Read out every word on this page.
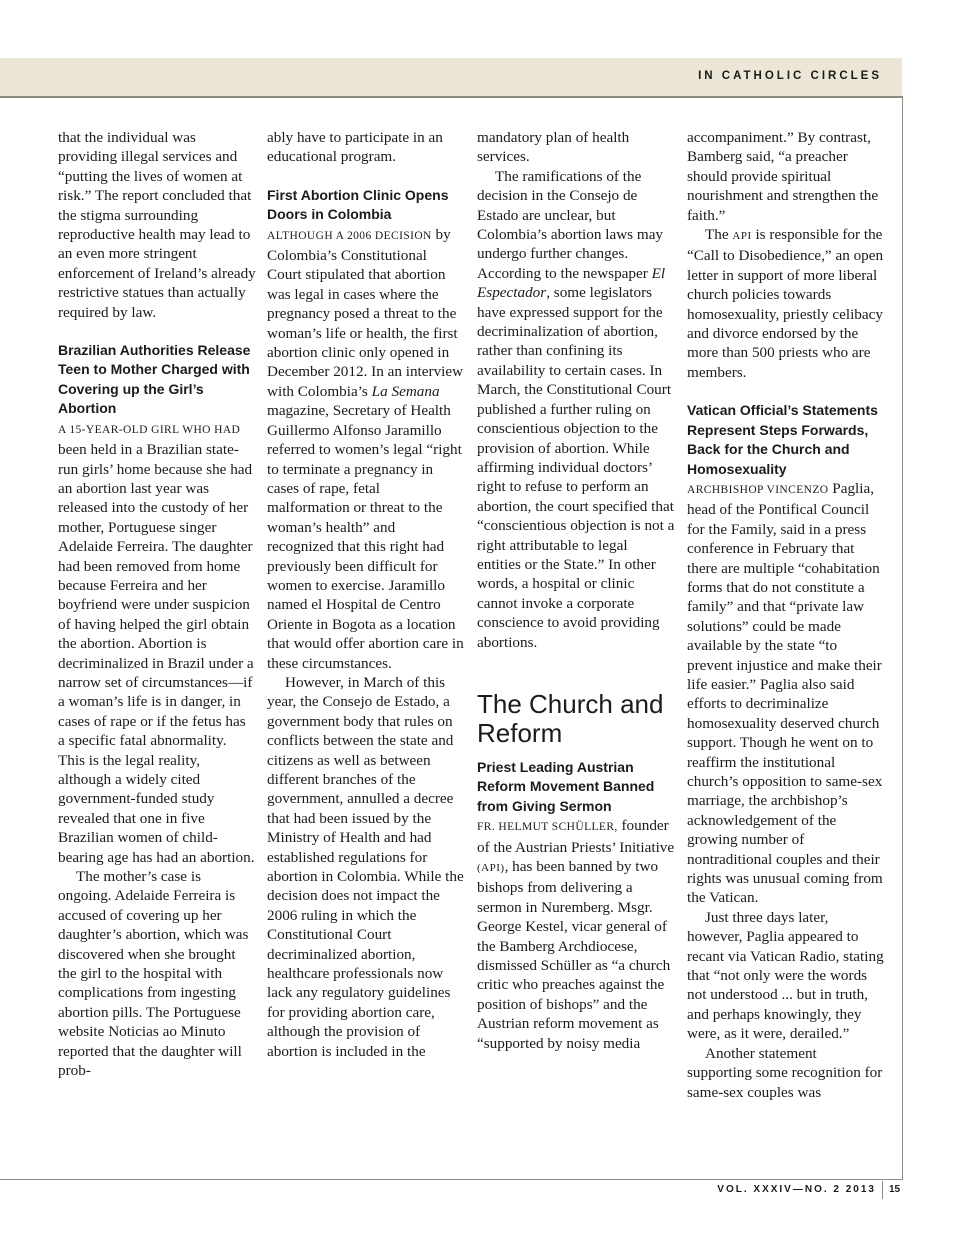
IN CATHOLIC CIRCLES

that the individual was providing illegal services and “putting the lives of women at risk.” The report concluded that the stigma surrounding reproductive health may lead to an even more stringent enforcement of Ireland’s already restrictive statues than actually required by law.

Brazilian Authorities Release Teen to Mother Charged with Covering up the Girl’s Abortion

A 15-YEAR-OLD GIRL WHO HAD been held in a Brazilian state-run girls’ home because she had an abortion last year was released into the custody of her mother, Portuguese singer Adelaide Ferreira. The daughter had been removed from home because Ferreira and her boyfriend were under suspicion of having helped the girl obtain the abortion. Abortion is decriminalized in Brazil under a narrow set of circumstances—if a woman’s life is in danger, in cases of rape or if the fetus has a specific fatal abnormality. This is the legal reality, although a widely cited government-funded study revealed that one in five Brazilian women of child-bearing age has had an abortion.

The mother’s case is ongoing. Adelaide Ferreira is accused of covering up her daughter’s abortion, which was discovered when she brought the girl to the hospital with complications from ingesting abortion pills. The Portuguese website Noticias ao Minuto reported that the daughter will prob-

ably have to participate in an educational program.

First Abortion Clinic Opens Doors in Colombia

ALTHOUGH A 2006 DECISION by Colombia’s Constitutional Court stipulated that abortion was legal in cases where the pregnancy posed a threat to the woman’s life or health, the first abortion clinic only opened in December 2012. In an interview with Colombia’s La Semana magazine, Secretary of Health Guillermo Alfonso Jaramillo referred to women’s legal “right to terminate a pregnancy in cases of rape, fetal malformation or threat to the woman’s health” and recognized that this right had previously been difficult for women to exercise. Jaramillo named el Hospital de Centro Oriente in Bogota as a location that would offer abortion care in these circumstances.

However, in March of this year, the Consejo de Estado, a government body that rules on conflicts between the state and citizens as well as between different branches of the government, annulled a decree that had been issued by the Ministry of Health and had established regulations for abortion in Colombia. While the decision does not impact the 2006 ruling in which the Constitutional Court decriminalized abortion, healthcare professionals now lack any regulatory guidelines for providing abortion care, although the provision of abortion is included in the

mandatory plan of health services.

The ramifications of the decision in the Consejo de Estado are unclear, but Colombia’s abortion laws may undergo further changes. According to the newspaper El Espectador, some legislators have expressed support for the decriminalization of abortion, rather than confining its availability to certain cases. In March, the Constitutional Court published a further ruling on conscientious objection to the provision of abortion. While affirming individual doctors’ right to refuse to perform an abortion, the court specified that “conscientious objection is not a right attributable to legal entities or the State.” In other words, a hospital or clinic cannot invoke a corporate conscience to avoid providing abortions.

The Church and Reform
Priest Leading Austrian Reform Movement Banned from Giving Sermon

FR. HELMUT SCHÜLLER, founder of the Austrian Priests’ Initiative (API), has been banned by two bishops from delivering a sermon in Nuremberg. Msgr. George Kestel, vicar general of the Bamberg Archdiocese, dismissed Schüller as “a church critic who preaches against the position of bishops” and the Austrian reform movement as “supported by noisy media

accompaniment.” By contrast, Bamberg said, “a preacher should provide spiritual nourishment and strengthen the faith.”

The API is responsible for the “Call to Disobedience,” an open letter in support of more liberal church policies towards homosexuality, priestly celibacy and divorce endorsed by the more than 500 priests who are members.

Vatican Official’s Statements Represent Steps Forwards, Back for the Church and Homosexuality

ARCHBISHOP VINCENZO Paglia, head of the Pontifical Council for the Family, said in a press conference in February that there are multiple “cohabitation forms that do not constitute a family” and that “private law solutions” could be made available by the state “to prevent injustice and make their life easier.” Paglia also said efforts to decriminalize homosexuality deserved church support. Though he went on to reaffirm the institutional church’s opposition to same-sex marriage, the archbishop’s acknowledgement of the growing number of nontraditional couples and their rights was unusual coming from the Vatican.

Just three days later, however, Paglia appeared to recant via Vatican Radio, stating that “not only were the words not understood ... but in truth, and perhaps knowingly, they were, as it were, derailed.”

Another statement supporting some recognition for same-sex couples was

VOL. XXXIV—NO. 2 2013 15
